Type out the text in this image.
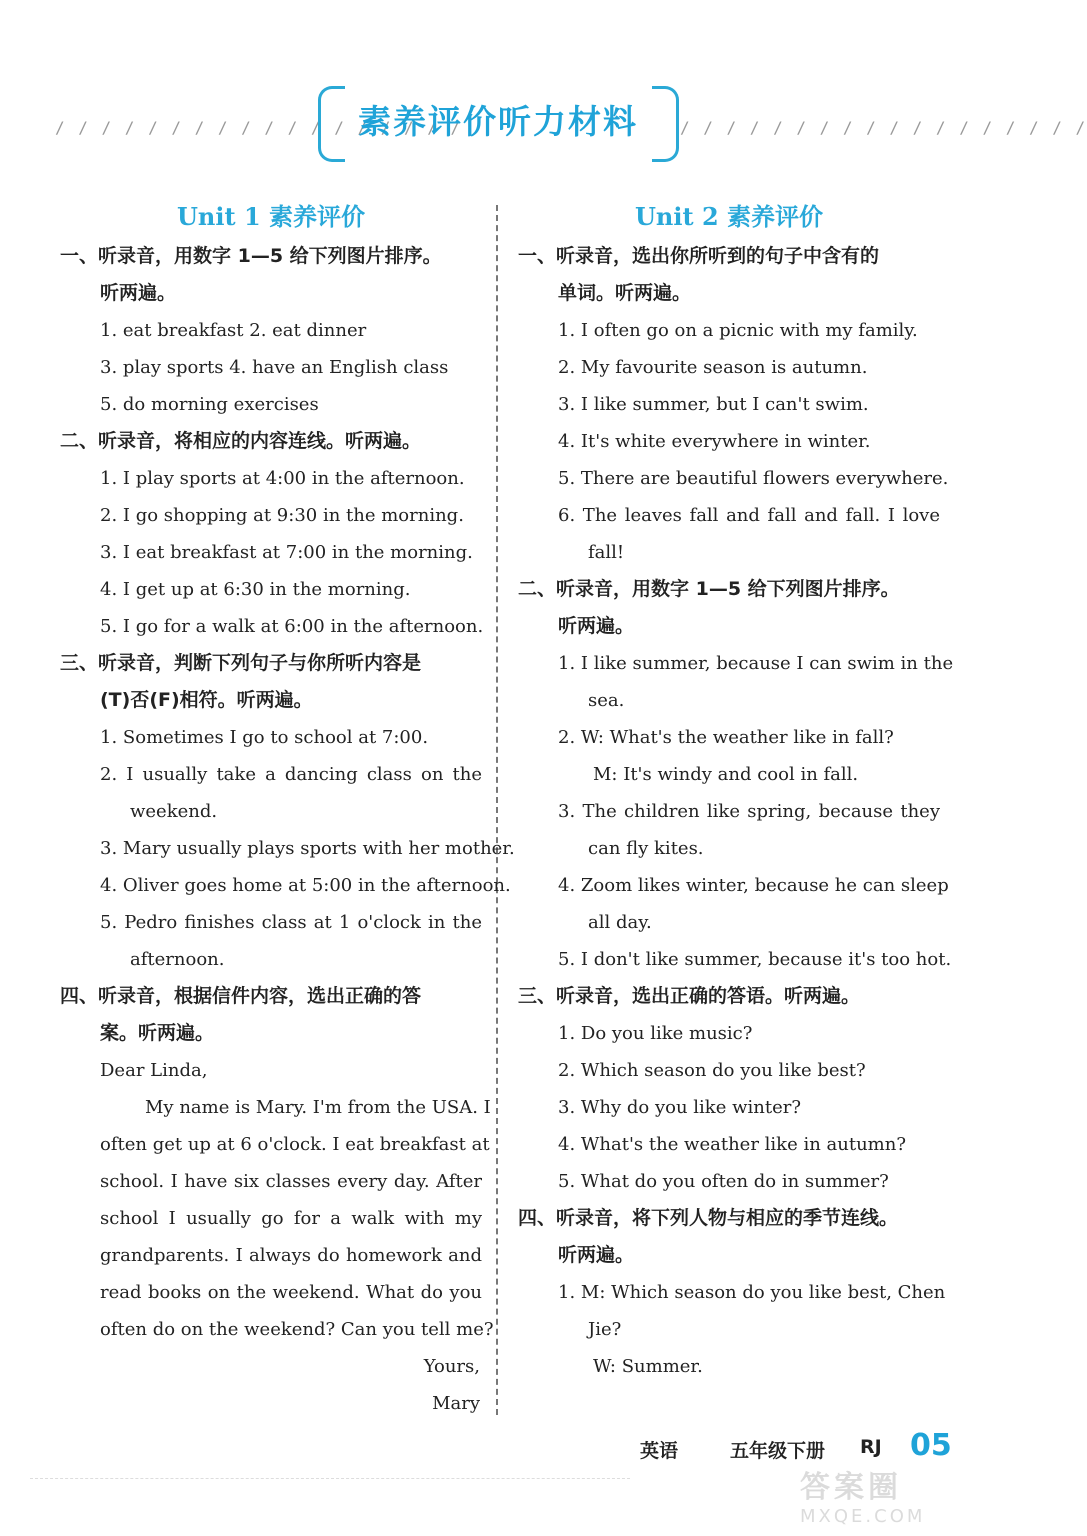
/ / / / / / / / / / / / / / / / / /
素养评价听力材料	/ / / / / / / / / / / / / / / / / /
Unit 1 素养评价
一、听录音，用数字 1—5 给下列图片排序。
听两遍。
1. eat breakfast 2. eat dinner
3. play sports 4. have an English class
5. do morning exercises
二、听录音，将相应的内容连线。听两遍。
1. I play sports at 4:00 in the afternoon.
2. I go shopping at 9:30 in the morning.
3. I eat breakfast at 7:00 in the morning.
4. I get up at 6:30 in the morning.
5. I go for a walk at 6:00 in the afternoon.
三、听录音，判断下列句子与你所听内容是
(T)否(F)相符。听两遍。
1. Sometimes I go to school at 7:00.
2. I usually take a dancing class on the
weekend.
3. Mary usually plays sports with her mother.
4. Oliver goes home at 5:00 in the afternoon.
5. Pedro finishes class at 1 o'clock in the
afternoon.
四、听录音，根据信件内容，选出正确的答
案。听两遍。
Dear Linda,
My name is Mary. I'm from the USA. I
often get up at 6 o'clock. I eat breakfast at
school. I have six classes every day. After
school I usually go for a walk with my
grandparents. I always do homework and
read books on the weekend. What do you
often do on the weekend? Can you tell me?
Yours,
Mary
Unit 2 素养评价
一、听录音，选出你所听到的句子中含有的
单词。听两遍。
1. I often go on a picnic with my family.
2. My favourite season is autumn.
3. I like summer, but I can't swim.
4. It's white everywhere in winter.
5. There are beautiful flowers everywhere.
6. The leaves fall and fall and fall. I love
fall!
二、听录音，用数字 1—5 给下列图片排序。
听两遍。
1. I like summer, because I can swim in the
sea.
2. W: What's the weather like in fall?
M: It's windy and cool in fall.
3. The children like spring, because they
can fly kites.
4. Zoom likes winter, because he can sleep
all day.
5. I don't like summer, because it's too hot.
三、听录音，选出正确的答语。听两遍。
1. Do you like music?
2. Which season do you like best?
3. Why do you like winter?
4. What's the weather like in autumn?
5. What do you often do in summer?
四、听录音，将下列人物与相应的季节连线。
听两遍。
1. M: Which season do you like best, Chen
Jie?
W: Summer.
英语	五年级下册 RJ 05
答案圈
MXQE.COM
